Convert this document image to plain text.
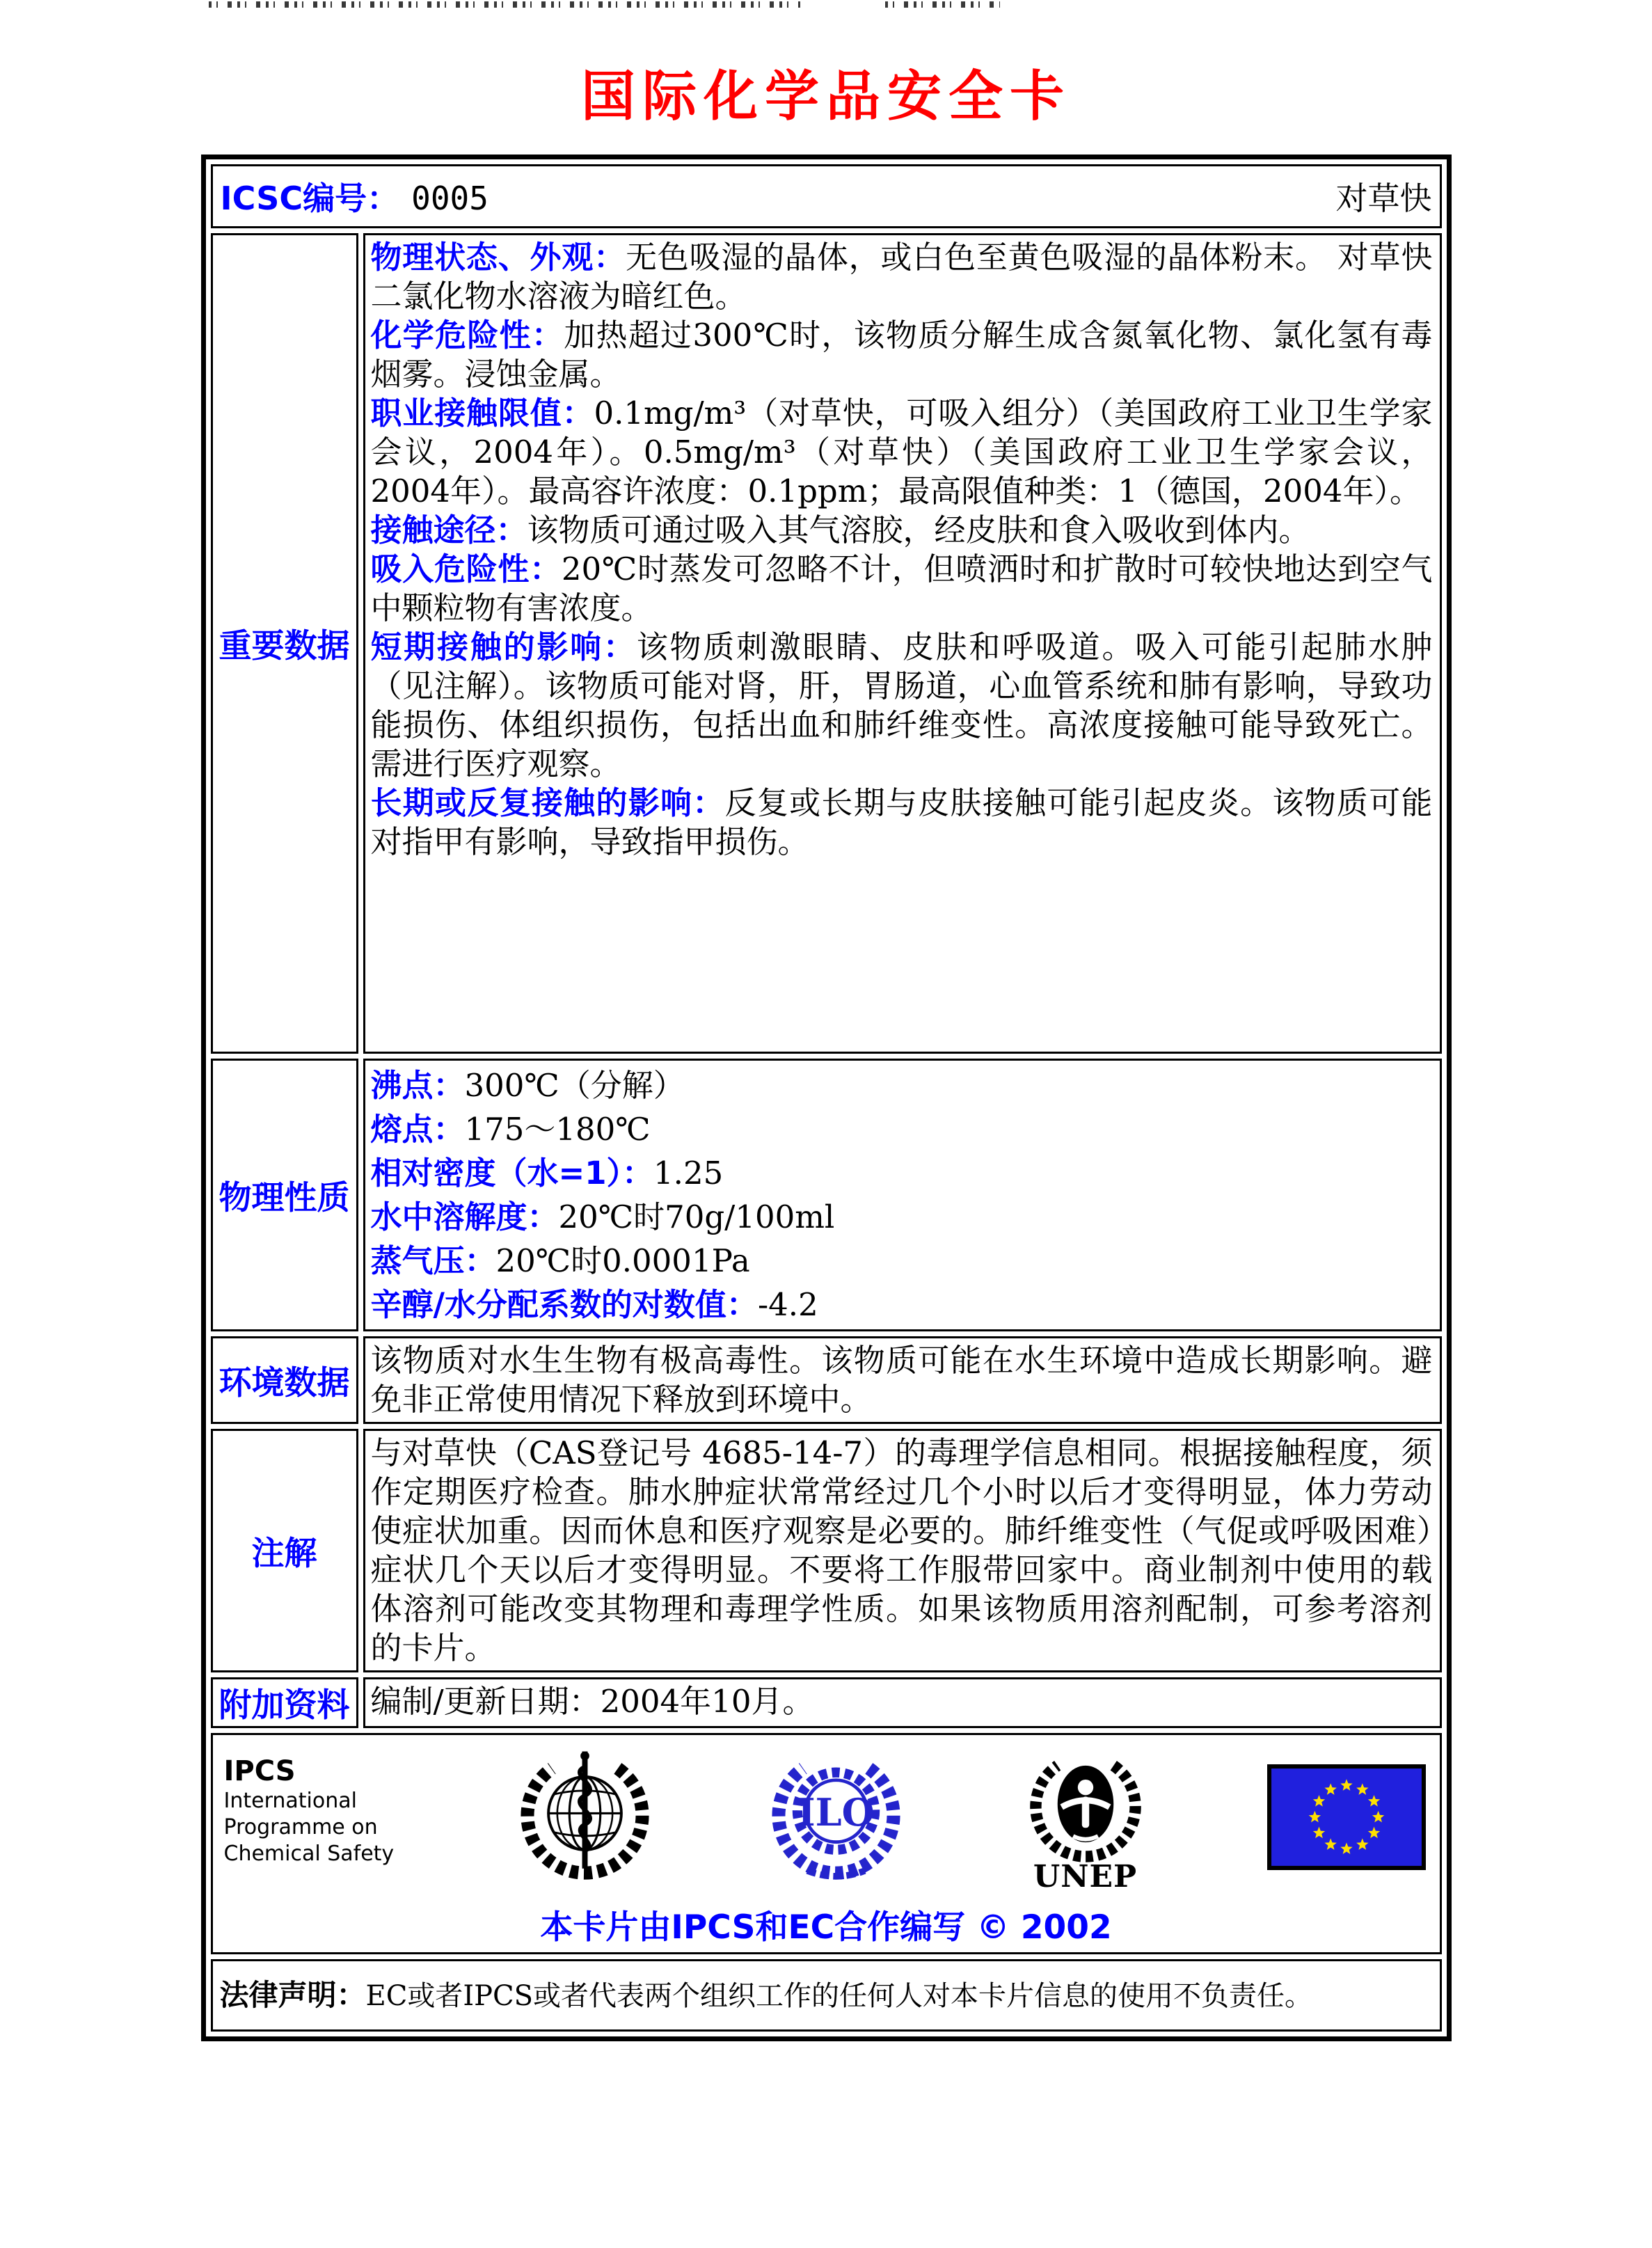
国际化学品安全卡
ICSC编号： 0005 对草快	

重要数据	
物理状态、外观：无色吸湿的晶体，或白色至黄色吸湿的晶体粉末。 对草快二氯化物水溶液为暗红色。
化学危险性：加热超过300℃时，该物质分解生成含氮氧化物、氯化氢有毒烟雾。浸蚀金属。
职业接触限值：0.1mg/m³（对草快，可吸入组分）（美国政府工业卫生学家会议，2004年）。0.5mg/m³（对草快）（美国政府工业卫生学家会议，2004年）。最高容许浓度：0.1ppm；最高限值种类：1（德国，2004年）。
接触途径：该物质可通过吸入其气溶胶，经皮肤和食入吸收到体内。
吸入危险性：20℃时蒸发可忽略不计，但喷洒时和扩散时可较快地达到空气中颗粒物有害浓度。
短期接触的影响：该物质刺激眼睛、皮肤和呼吸道。吸入可能引起肺水肿（见注解）。该物质可能对肾，肝，胃肠道，心血管系统和肺有影响，导致功能损伤、体组织损伤，包括出血和肺纤维变性。高浓度接触可能导致死亡。需进行医疗观察。
长期或反复接触的影响：反复或长期与皮肤接触可能引起皮炎。该物质可能对指甲有影响，导致指甲损伤。

物理性质	
沸点：300℃（分解）
熔点：175～180℃
相对密度（水=1）：1.25
水中溶解度：20℃时70g/100ml
蒸气压：20℃时0.0001Pa
辛醇/水分配系数的对数值：-4.2

环境数据	该物质对水生生物有极高毒性。该物质可能在水生环境中造成长期影响。避免非正常使用情况下释放到环境中。
注解	与对草快（CAS登记号 4685-14-7）的毒理学信息相同。根据接触程度，须作定期医疗检查。肺水肿症状常常经过几个小时以后才变得明显，体力劳动使症状加重。因而休息和医疗观察是必要的。肺纤维变性（气促或呼吸困难）症状几个天以后才变得明显。不要将工作服带回家中。商业制剂中使用的载体溶剂可能改变其物理和毒理学性质。如果该物质用溶剂配制，可参考溶剂的卡片。
附加资料	编制/更新日期：2004年10月。

IPCS
International
Programme on
Chemical Safety
ILO
UNEP
本卡片由IPCS和EC合作编写 © 2002

法律声明：EC或者IPCS或者代表两个组织工作的任何人对本卡片信息的使用不负责任。	
